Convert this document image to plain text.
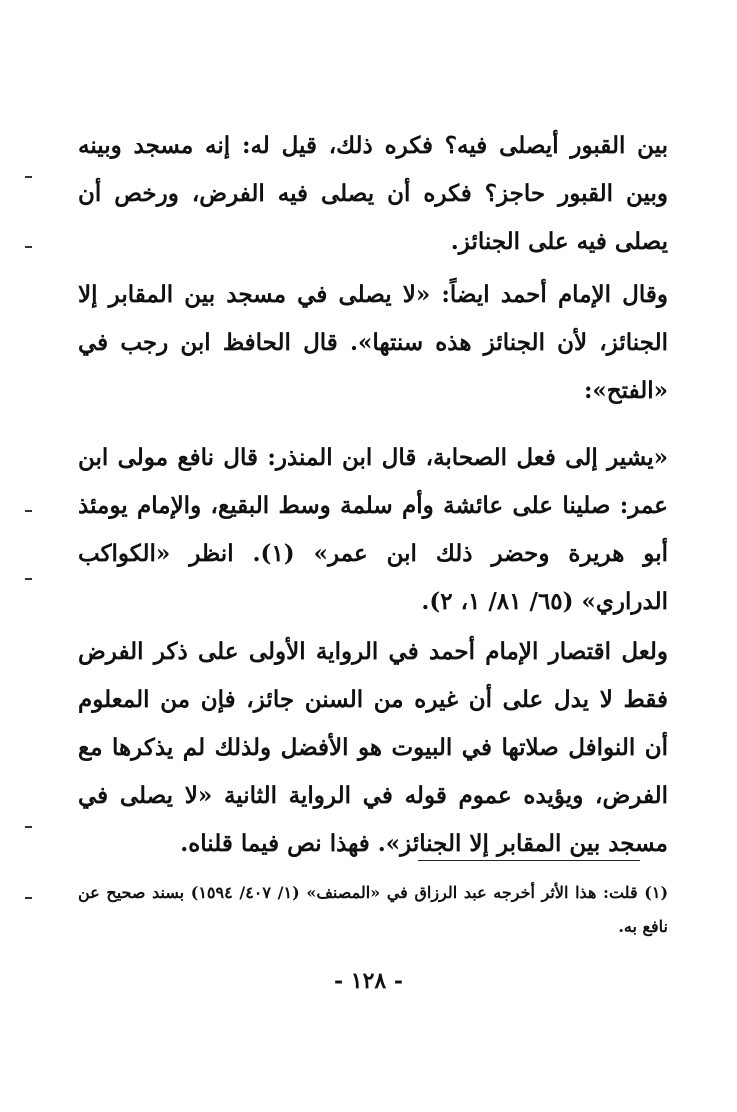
بين القبور أيصلى فيه؟ فكره ذلك، قيل له: إنه مسجد وبينه وبين القبور حاجز؟ فكره أن يصلى فيه الفرض، ورخص أن يصلى فيه على الجنائز.

وقال الإمام أحمد ايضاً: «لا يصلى في مسجد بين المقابر إلا الجنائز، لأن الجنائز هذه سنتها». قال الحافظ ابن رجب في «الفتح»:

«يشير إلى فعل الصحابة، قال ابن المنذر: قال نافع مولى ابن عمر: صلينا على عائشة وأم سلمة وسط البقيع، والإمام يومئذ أبو هريرة وحضر ذلك ابن عمر» (١). انظر «الكواكب الدراري» (٦٥/ ٨١/ ١، ٢).

ولعل اقتصار الإمام أحمد في الرواية الأولى على ذكر الفرض فقط لا يدل على أن غيره من السنن جائز، فإن من المعلوم أن النوافل صلاتها في البيوت هو الأفضل ولذلك لم يذكرها مع الفرض، ويؤيده عموم قوله في الرواية الثانية «لا يصلى في مسجد بين المقابر إلا الجنائز». فهذا نص فيما قلناه.

(١) قلت: هذا الأثر أخرجه عبد الرزاق في «المصنف» (١/ ٤٠٧/ ١٥٩٤) بسند صحيح عن نافع به.

- ١٢٨ -
